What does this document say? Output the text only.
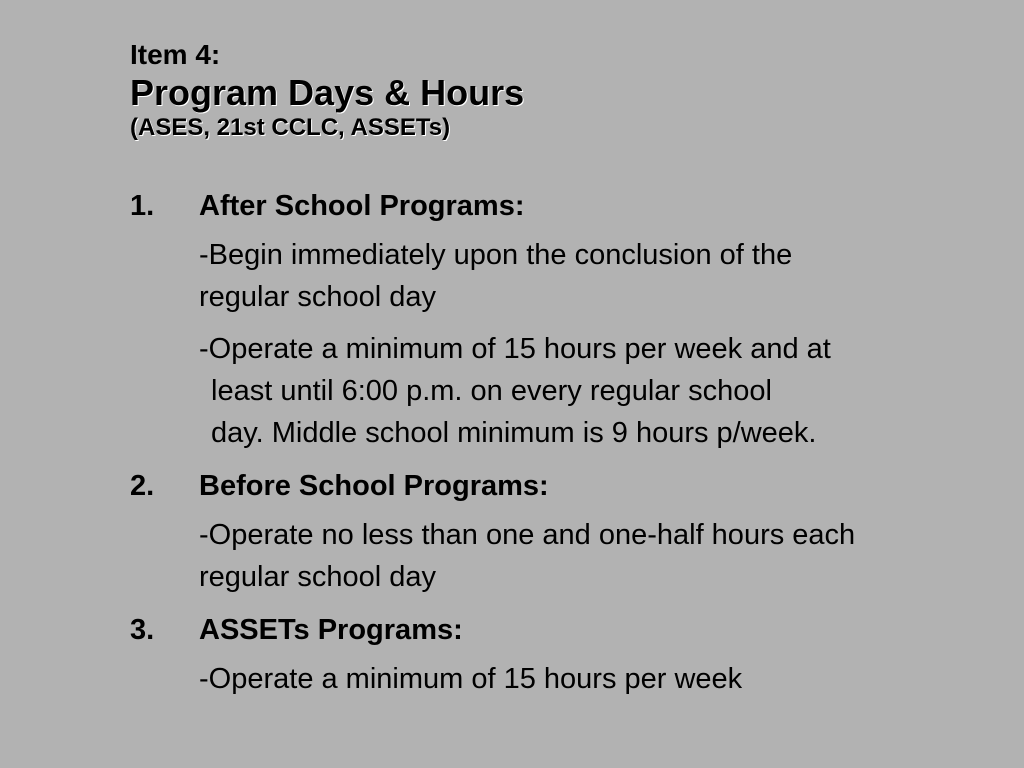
Item 4:

Program Days & Hours

(ASES, 21st CCLC, ASSETs)

1. After School Programs:

-Begin immediately upon the conclusion of the
regular school day

-Operate a minimum of 15 hours per week and at
least until 6:00 p.m. on every regular school
day. Middle school minimum is 9 hours p/week.

2. Before School Programs:

-Operate no less than one and one-half hours each
regular school day

3. ASSETs Programs:

-Operate a minimum of 15 hours per week
